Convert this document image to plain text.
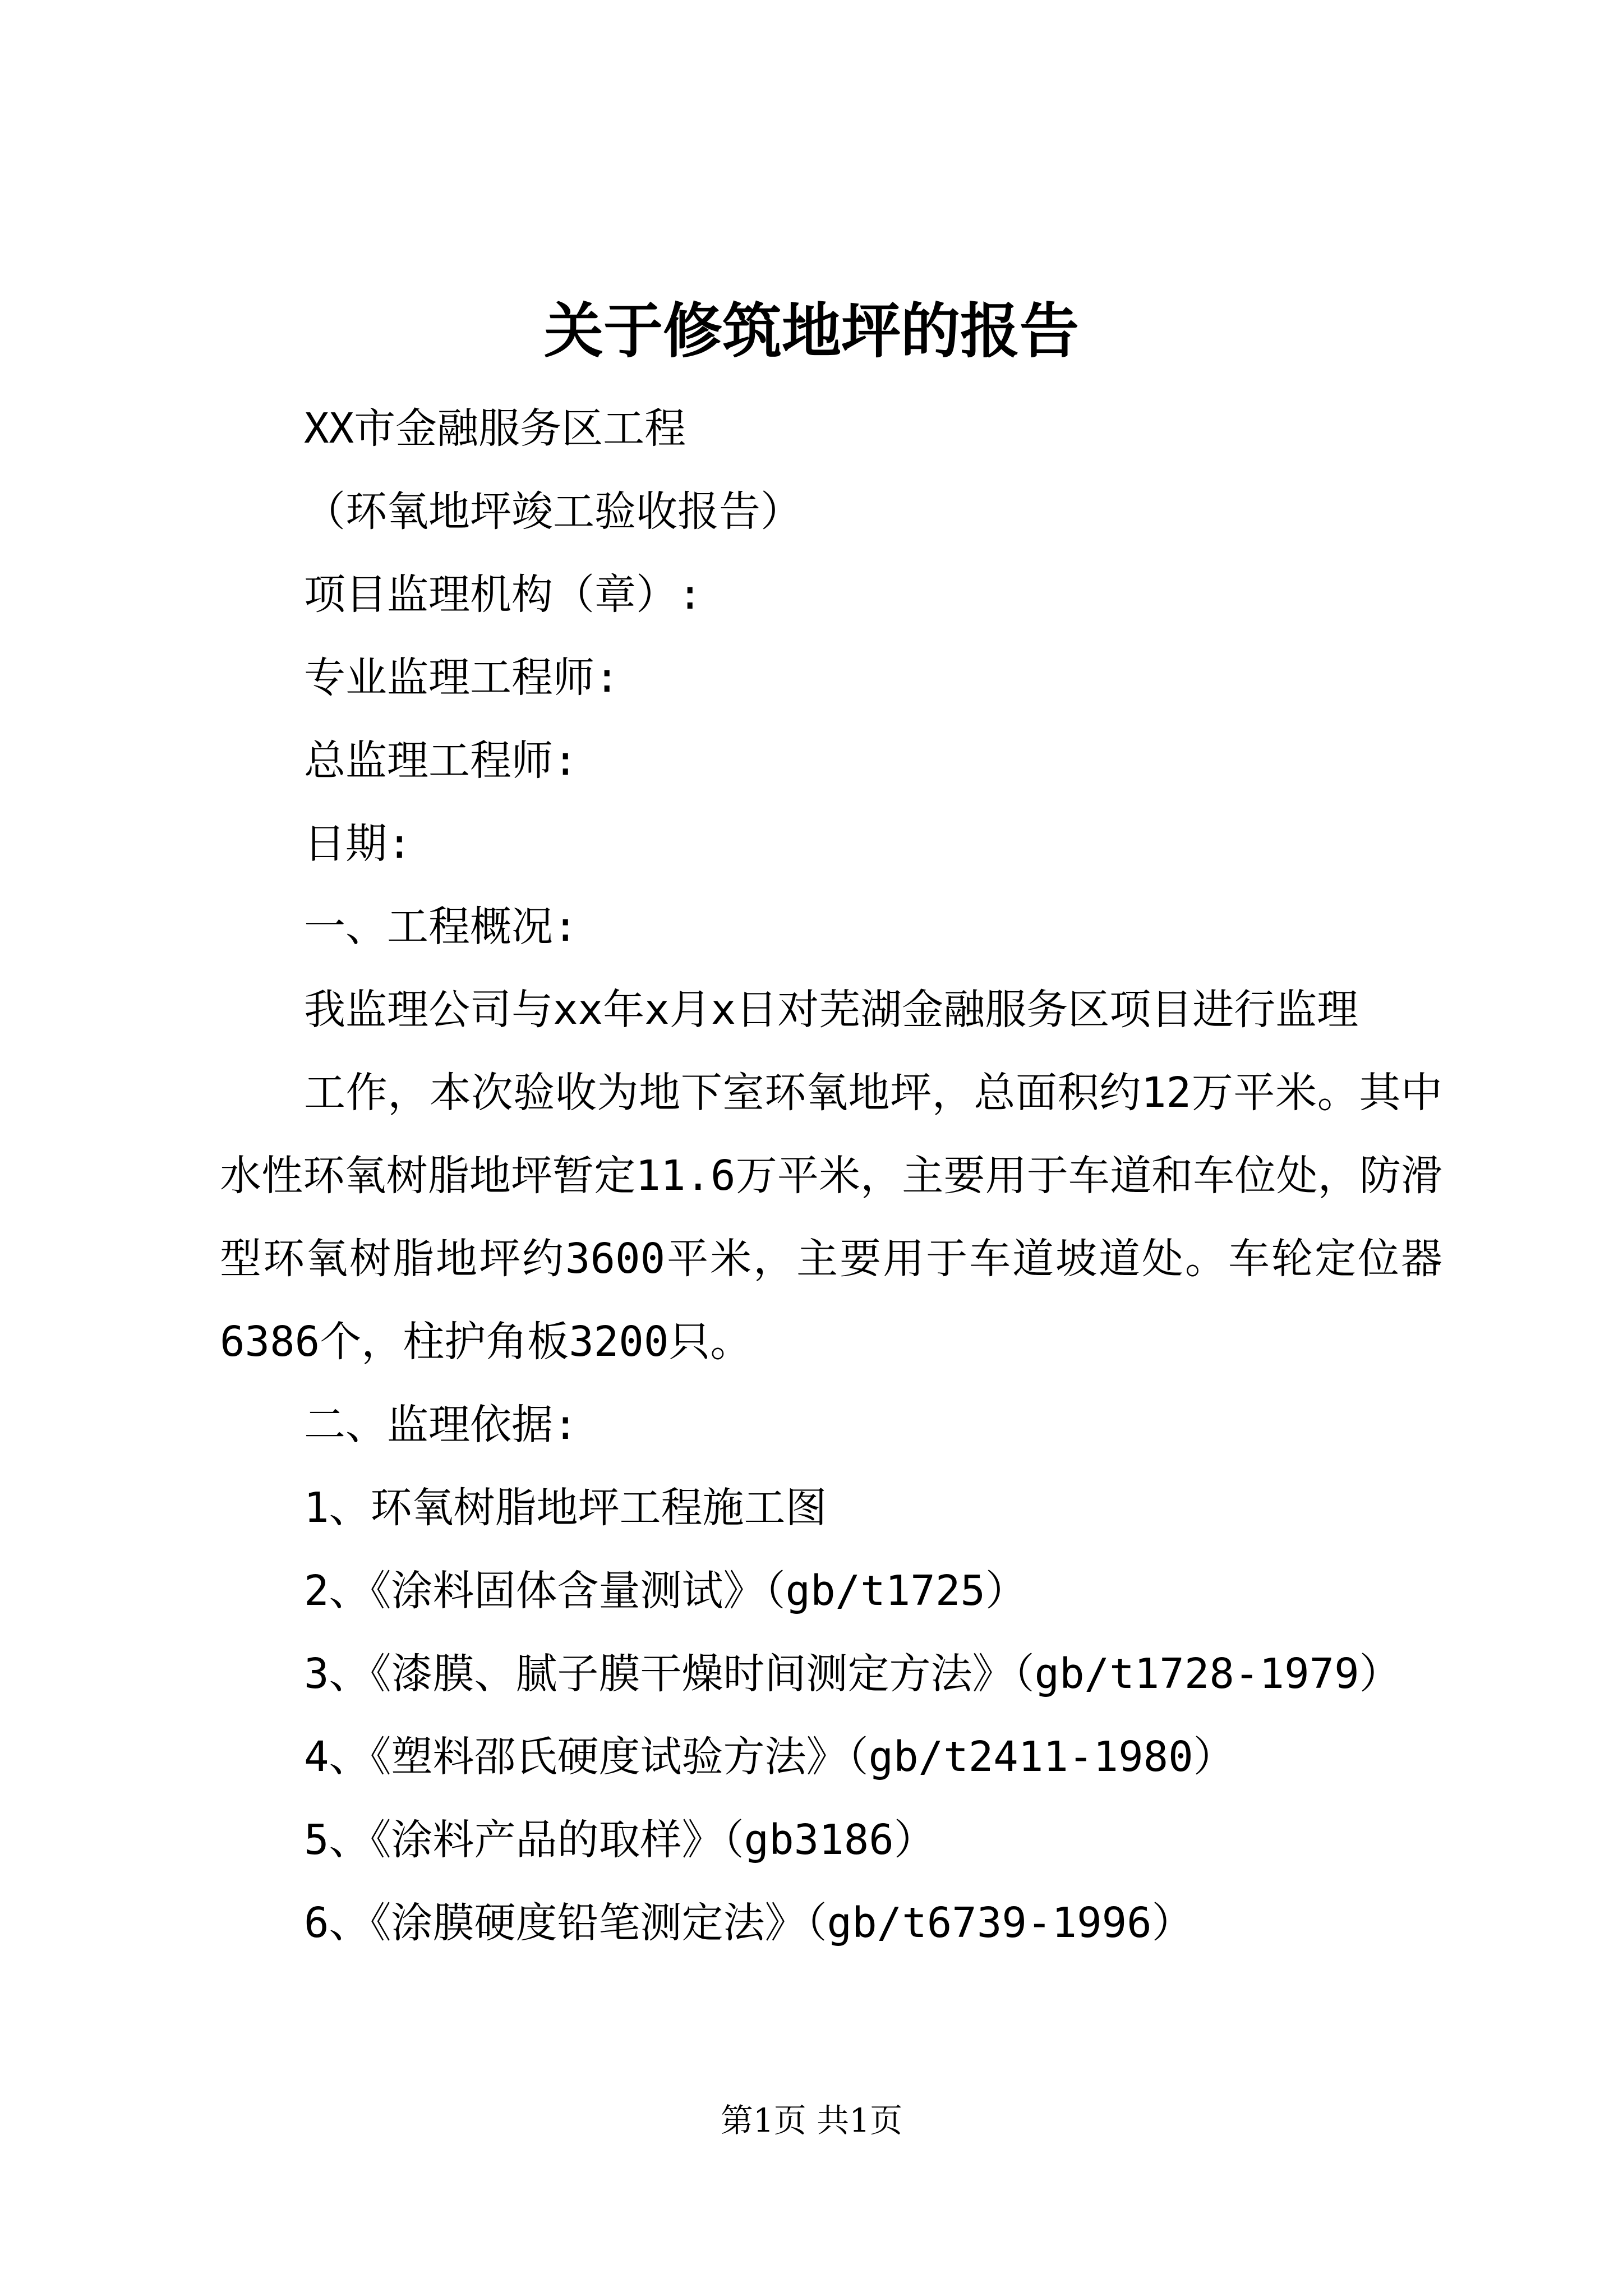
关于修筑地坪的报告

XX市金融服务区工程

（环氧地坪竣工验收报告）

项目监理机构（章）:

专业监理工程师:

总监理工程师:

日期:

一、工程概况:

我监理公司与xx年x月x日对芜湖金融服务区项目进行监理

工作，本次验收为地下室环氧地坪，总面积约12万平米。其中水性环氧树脂地坪暂定11.6万平米，主要用于车道和车位处，防滑型环氧树脂地坪约3600平米，主要用于车道坡道处。车轮定位器6386个，柱护角板3200只。

二、监理依据:

1、环氧树脂地坪工程施工图

2、《涂料固体含量测试》（gb/t1725）

3、《漆膜、腻子膜干燥时间测定方法》（gb/t1728-1979）

4、《塑料邵氏硬度试验方法》（gb/t2411-1980）

5、《涂料产品的取样》（gb3186）

6、《涂膜硬度铅笔测定法》（gb/t6739-1996）

第1页 共1页
